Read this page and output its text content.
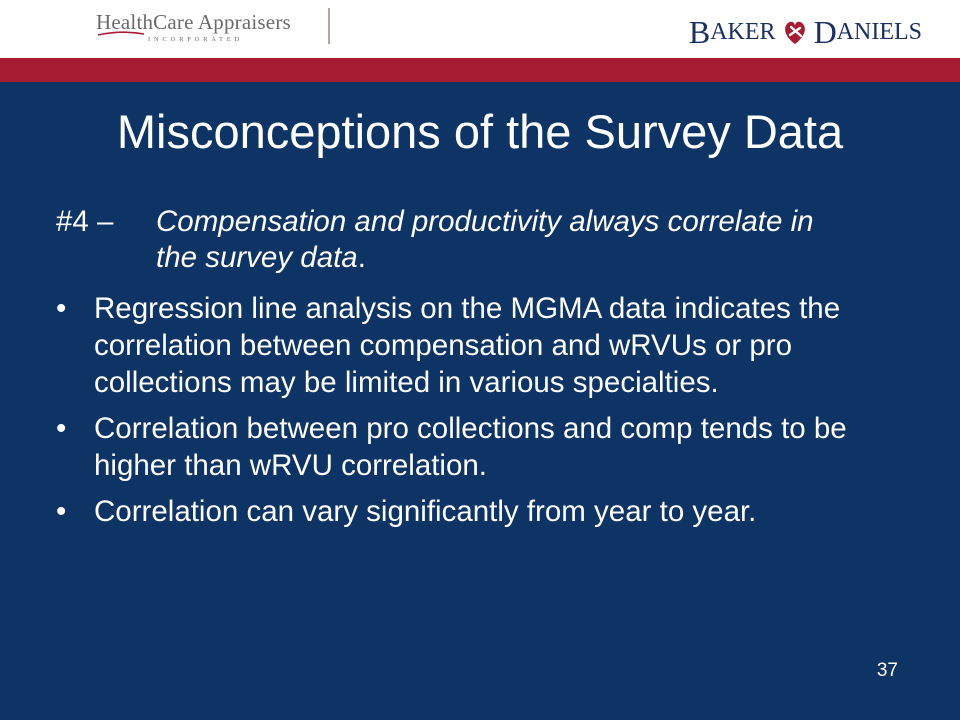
HealthCare Appraisers
INCORPORATED	BAKER DANIELS
Misconceptions of the Survey Data
#4 – Compensation and productivity always correlate in the survey data.
• Regression line analysis on the MGMA data indicates the correlation between compensation and wRVUs or pro collections may be limited in various specialties.
• Correlation between pro collections and comp tends to be higher than wRVU correlation.
• Correlation can vary significantly from year to year.
37
